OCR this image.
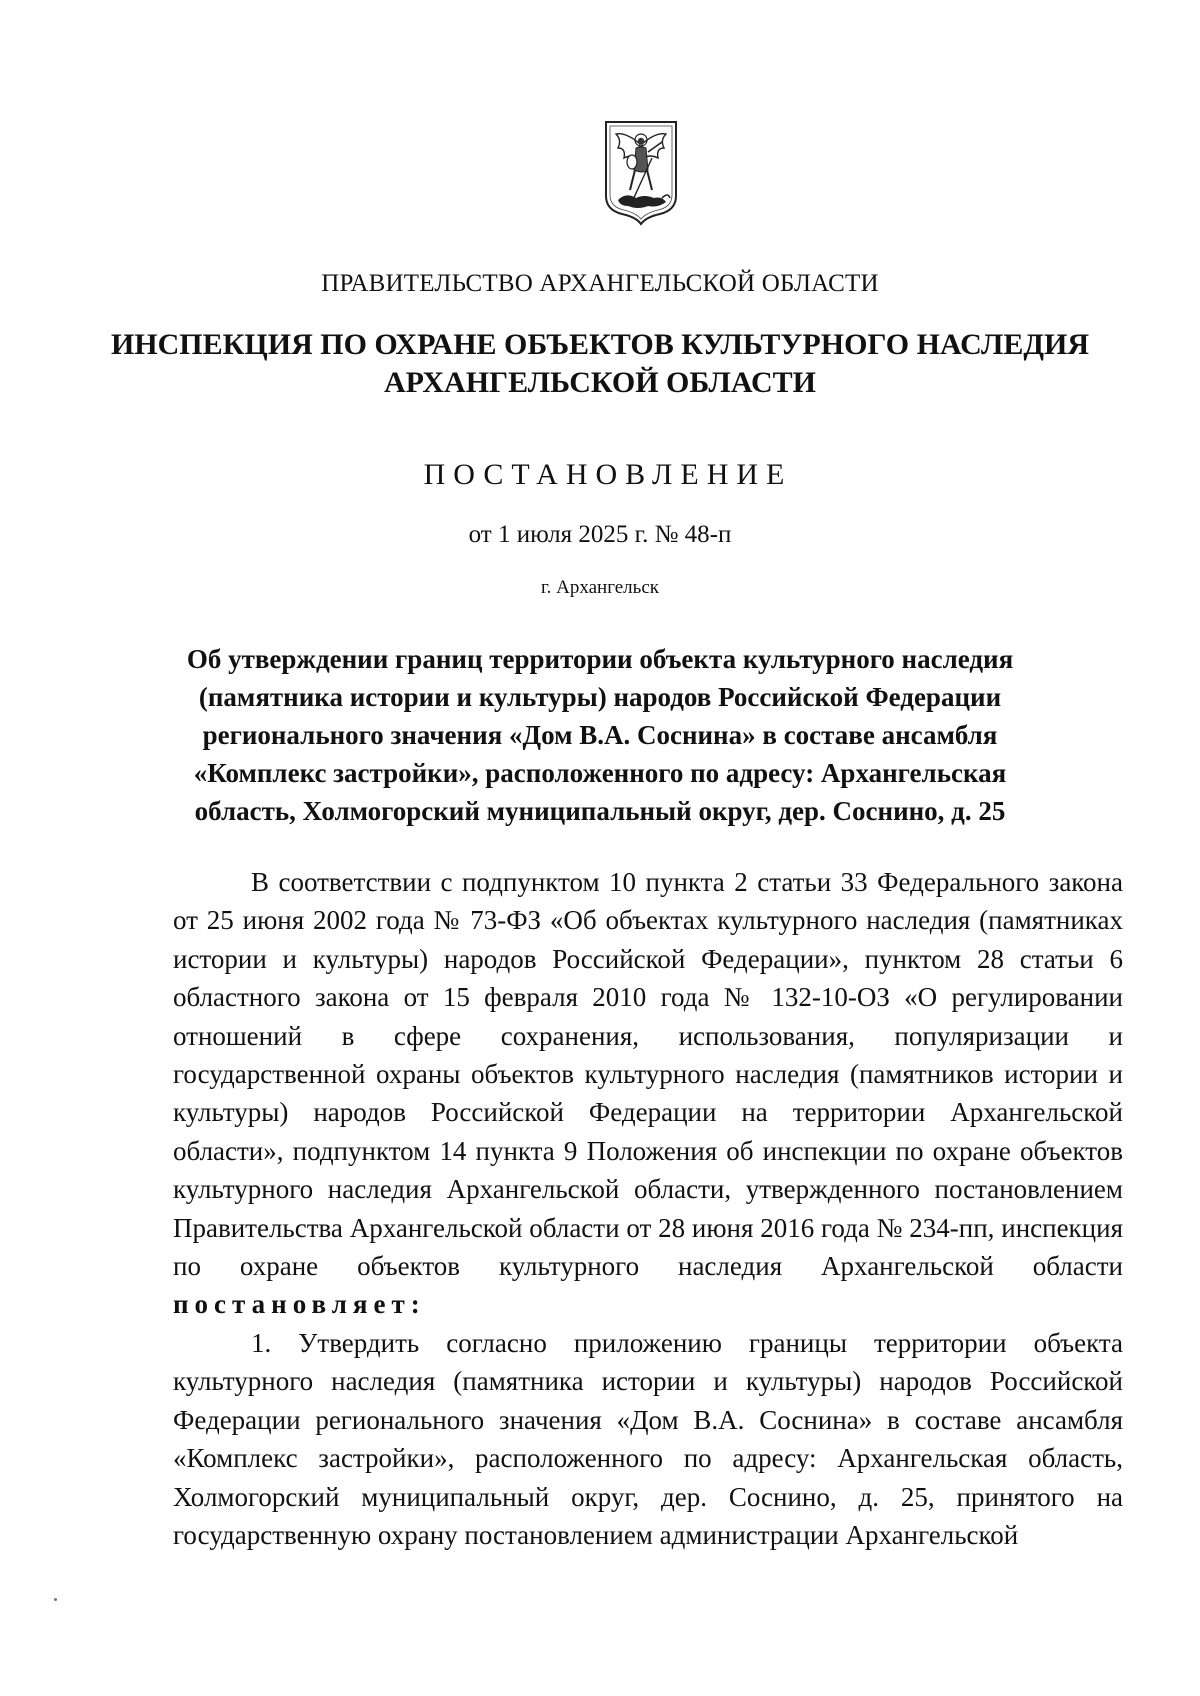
ПРАВИТЕЛЬСТВО АРХАНГЕЛЬСКОЙ ОБЛАСТИ
ИНСПЕКЦИЯ ПО ОХРАНЕ ОБЪЕКТОВ КУЛЬТУРНОГО НАСЛЕДИЯ
АРХАНГЕЛЬСКОЙ ОБЛАСТИ
ПОСТАНОВЛЕНИЕ
от 1 июля 2025 г. № 48-п
г. Архангельск
Об утверждении границ территории объекта культурного наследия
(памятника истории и культуры) народов Российской Федерации
регионального значения «Дом В.А. Соснина» в составе ансамбля
«Комплекс застройки», расположенного по адресу: Архангельская
область, Холмогорский муниципальный округ, дер. Соснино, д. 25

В соответствии с подпунктом 10 пункта 2 статьи 33 Федерального закона от 25 июня 2002 года № 73-ФЗ «Об объектах культурного наследия (памятниках истории и культуры) народов Российской Федерации», пунктом 28 статьи 6 областного закона от 15 февраля 2010 года № 132-10-ОЗ «О регулировании отношений в сфере сохранения, использования, популяризации и государственной охраны объектов культурного наследия (памятников истории и культуры) народов Российской Федерации на территории Архангельской области», подпунктом 14 пункта 9 Положения об инспекции по охране объектов культурного наследия Архангельской области, утвержденного постановлением Правительства Архангельской области от 28 июня 2016 года № 234-пп, инспекция по охране объектов культурного наследия Архангельской области постановляет:

1. Утвердить согласно приложению границы территории объекта культурного наследия (памятника истории и культуры) народов Российской Федерации регионального значения «Дом В.А. Соснина» в составе ансамбля «Комплекс застройки», расположенного по адресу: Архангельская область, Холмогорский муниципальный округ, дер. Соснино, д. 25, принятого на государственную охрану постановлением администрации Архангельской
